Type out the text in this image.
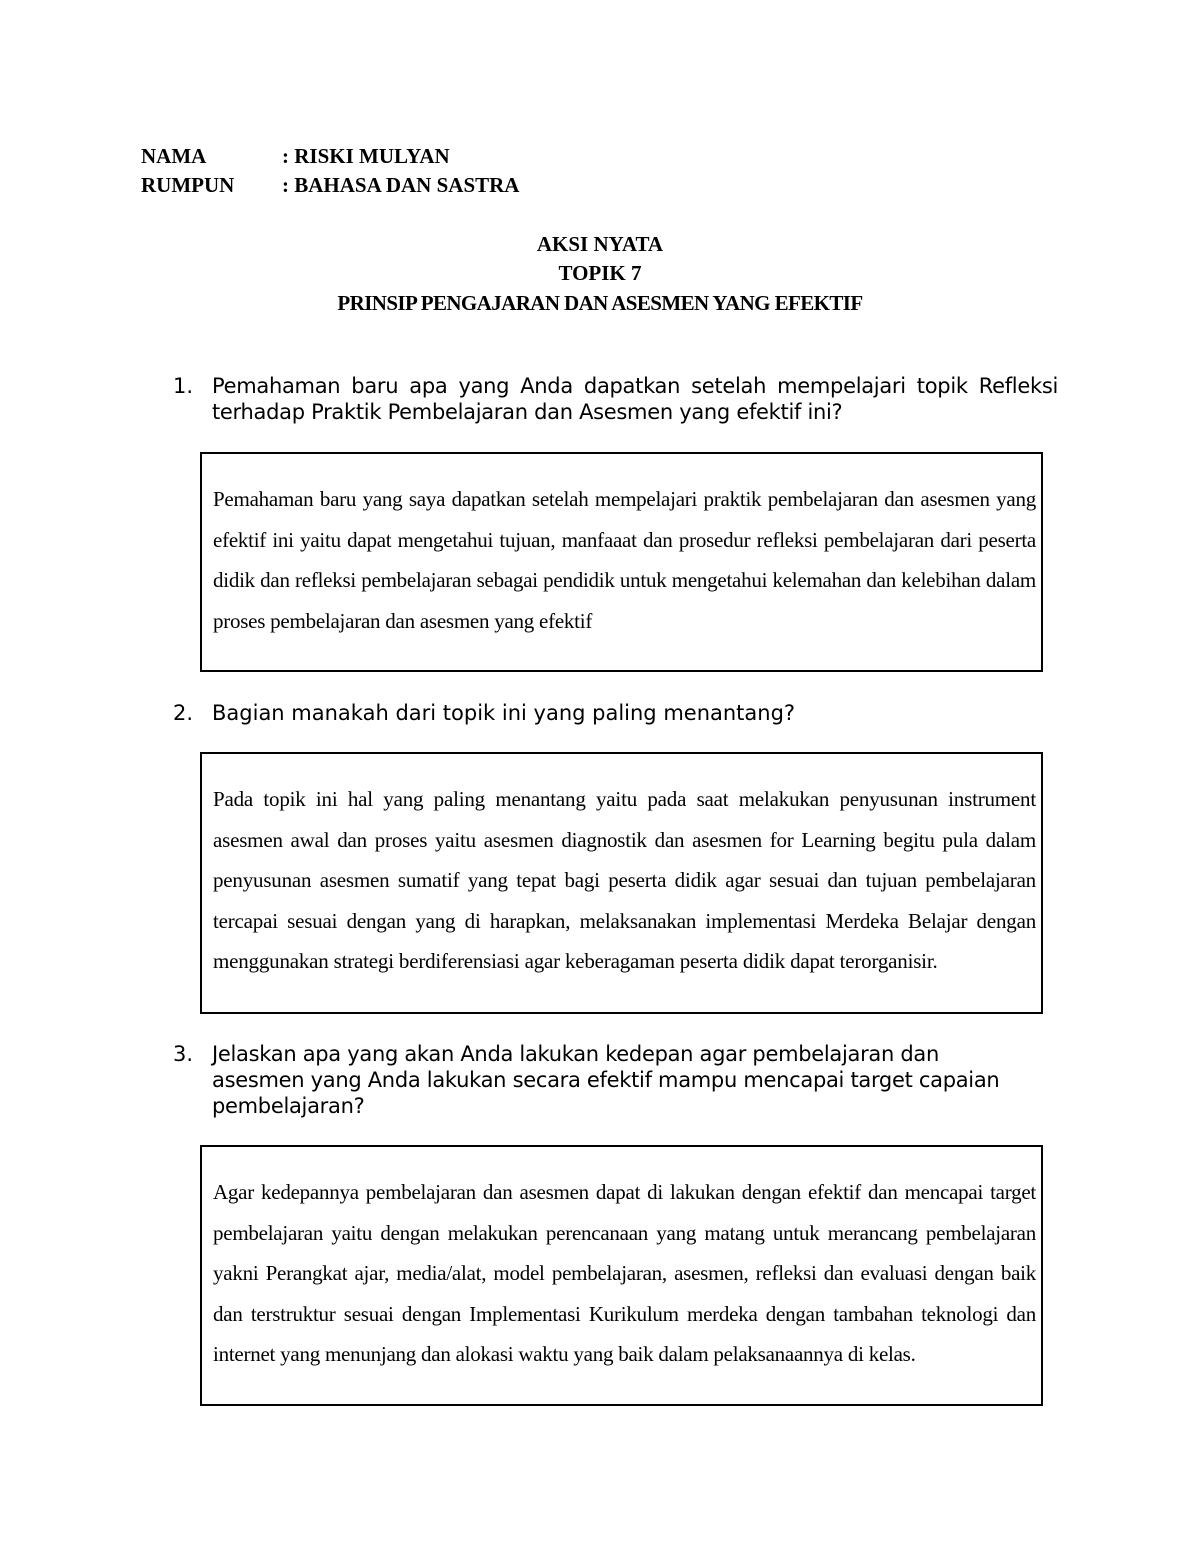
NAMA	: RISKI MULYAN
RUMPUN : BAHASA DAN SASTRA
AKSI NYATA
TOPIK 7
PRINSIP PENGAJARAN DAN ASESMEN YANG EFEKTIF
1. Pemahaman baru apa yang Anda dapatkan setelah mempelajari topik Refleksi terhadap Praktik Pembelajaran dan Asesmen yang efektif ini?

Pemahaman baru yang saya dapatkan setelah mempelajari praktik pembelajaran dan asesmen yang efektif ini yaitu dapat mengetahui tujuan, manfaaat dan prosedur refleksi pembelajaran dari peserta didik dan refleksi pembelajaran sebagai pendidik untuk mengetahui kelemahan dan kelebihan dalam proses pembelajaran dan asesmen yang efektif

2. Bagian manakah dari topik ini yang paling menantang?

Pada topik ini hal yang paling menantang yaitu pada saat melakukan penyusunan instrument asesmen awal dan proses yaitu asesmen diagnostik dan asesmen for Learning begitu pula dalam penyusunan asesmen sumatif yang tepat bagi peserta didik agar sesuai dan tujuan pembelajaran tercapai sesuai dengan yang di harapkan, melaksanakan implementasi Merdeka Belajar dengan menggunakan strategi berdiferensiasi agar keberagaman peserta didik dapat terorganisir.

3. Jelaskan apa yang akan Anda lakukan kedepan agar pembelajaran dan asesmen yang Anda lakukan secara efektif mampu mencapai target capaian pembelajaran?

Agar kedepannya pembelajaran dan asesmen dapat di lakukan dengan efektif dan mencapai target pembelajaran yaitu dengan melakukan perencanaan yang matang untuk merancang pembelajaran yakni Perangkat ajar, media/alat, model pembelajaran, asesmen, refleksi dan evaluasi dengan baik dan terstruktur sesuai dengan Implementasi Kurikulum merdeka dengan tambahan teknologi dan internet yang menunjang dan alokasi waktu yang baik dalam pelaksanaannya di kelas.
